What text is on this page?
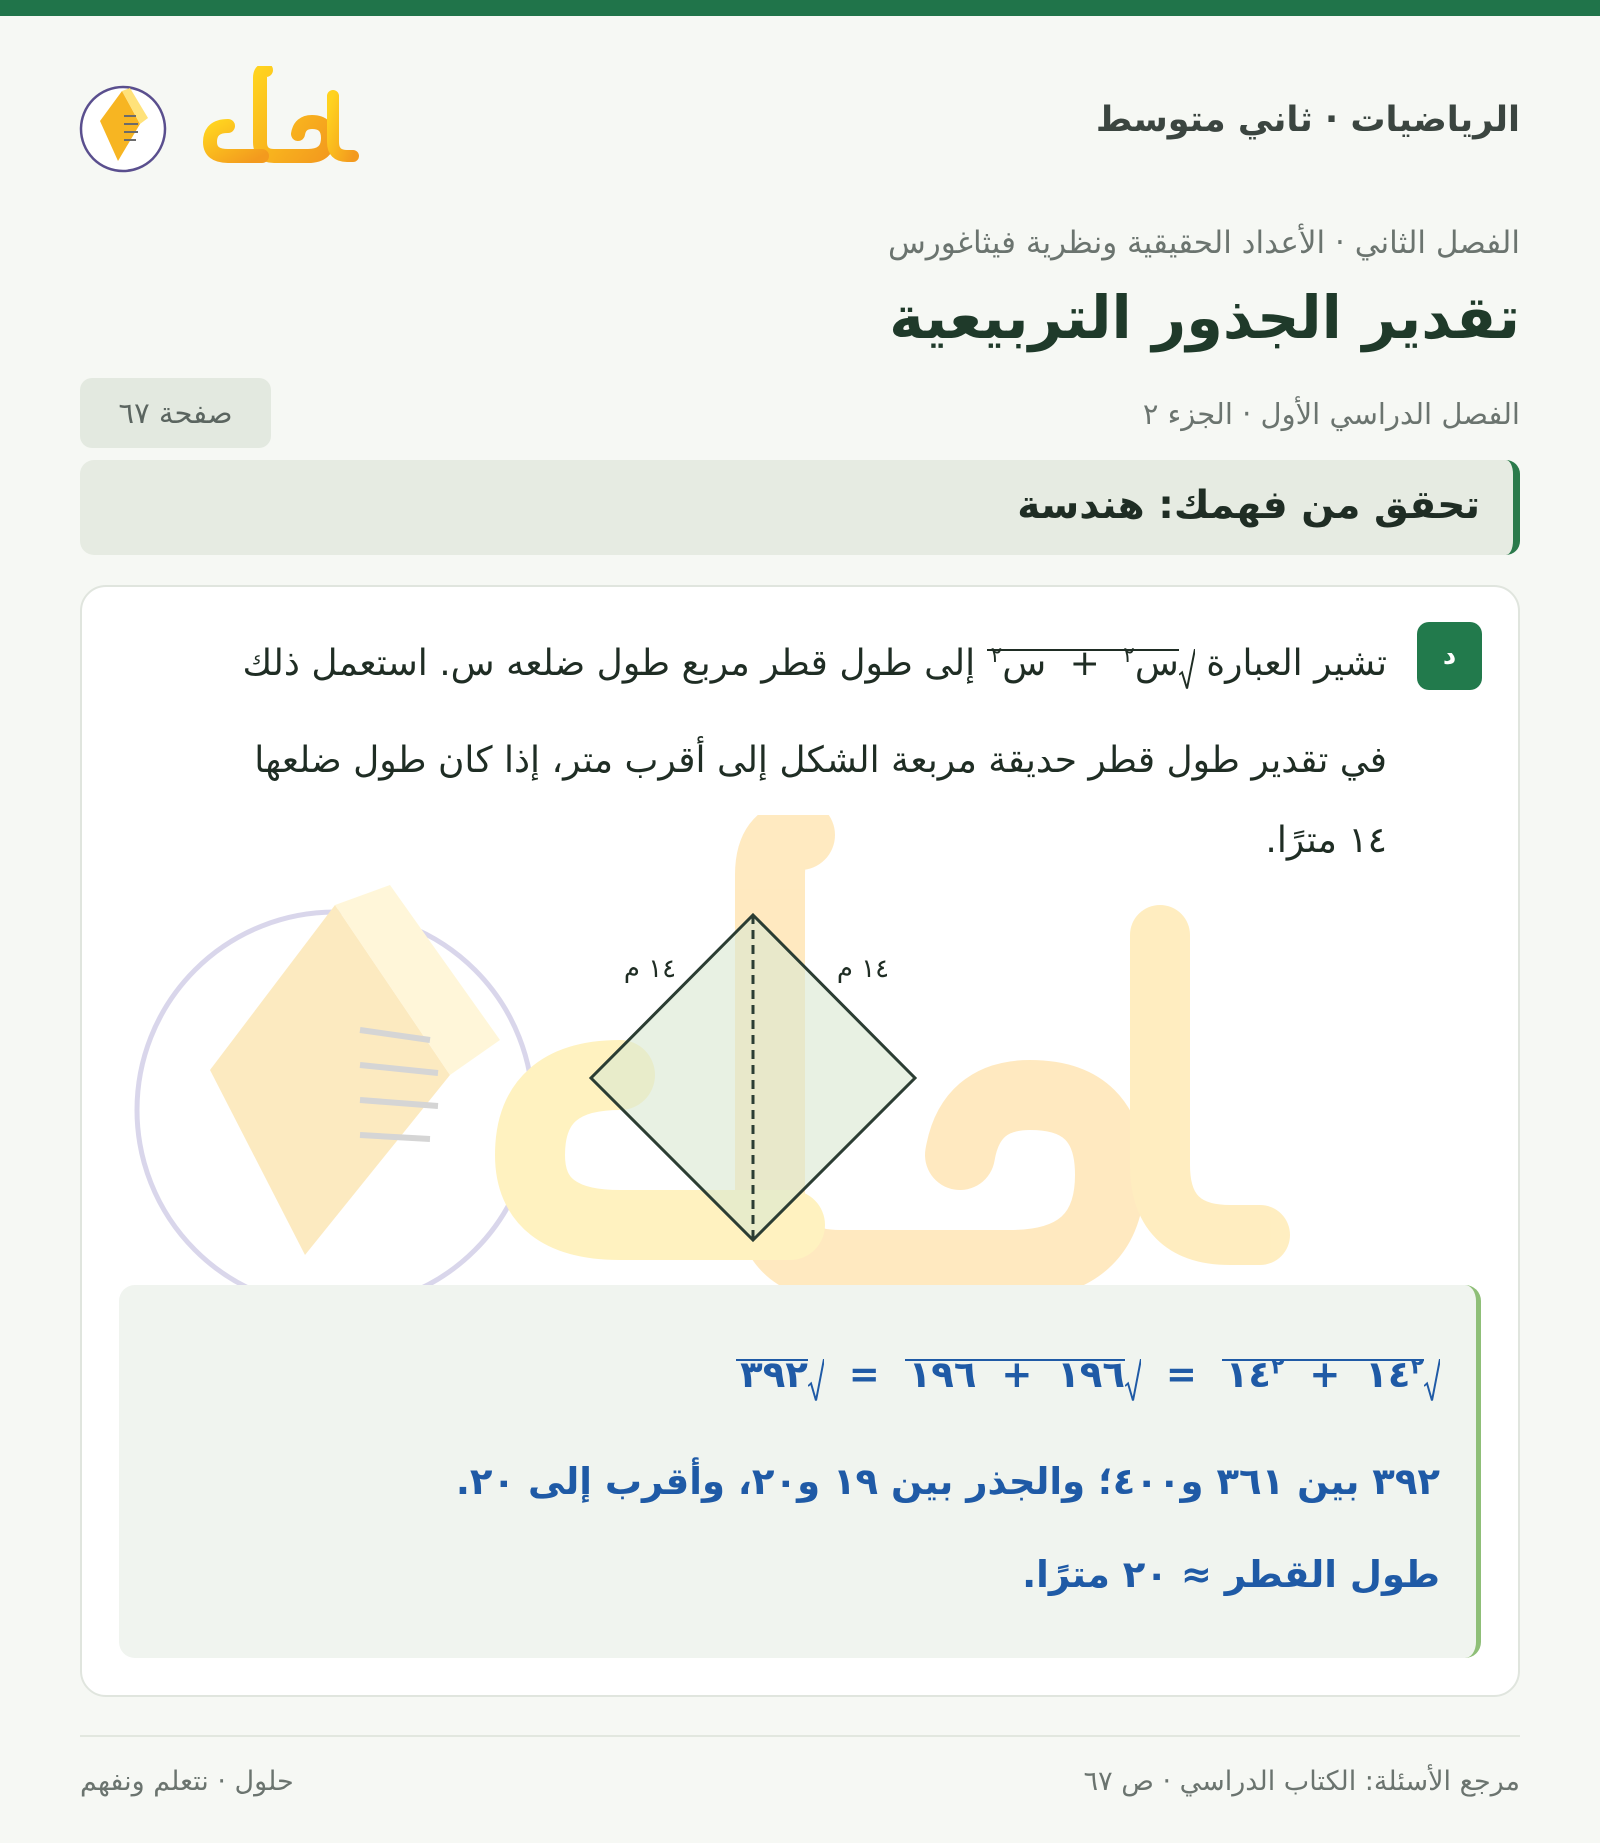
الرياضيات · ثاني متوسط
الفصل الثاني · الأعداد الحقيقية ونظرية فيثاغورس
تقدير الجذور التربيعية
الفصل الدراسي الأول · الجزء ٢
صفحة ٦٧
تحقق من فهمك: هندسة
د
تشير العبارة
س$^٢$ + س$^٢$ إلى طول قطر مربع طول ضلعه س. استعمل ذلك
في تقدير طول قطر حديقة مربعة الشكل إلى أقرب متر، إذا كان طول ضلعها
١٤ مترًا.
١٤ م	١٤ م
$١٤^٢$ + $١٤^٢$ =
١٩٦ + ١٩٦ =
٣٩٢
٣٩٢ بين ٣٦١ و٤٠٠؛ والجذر بين ١٩ و٢٠، وأقرب إلى ٢٠.
طول القطر ≈ ٢٠ مترًا.
مرجع الأسئلة: الكتاب الدراسي · ص ٦٧
حلول · نتعلم ونفهم
